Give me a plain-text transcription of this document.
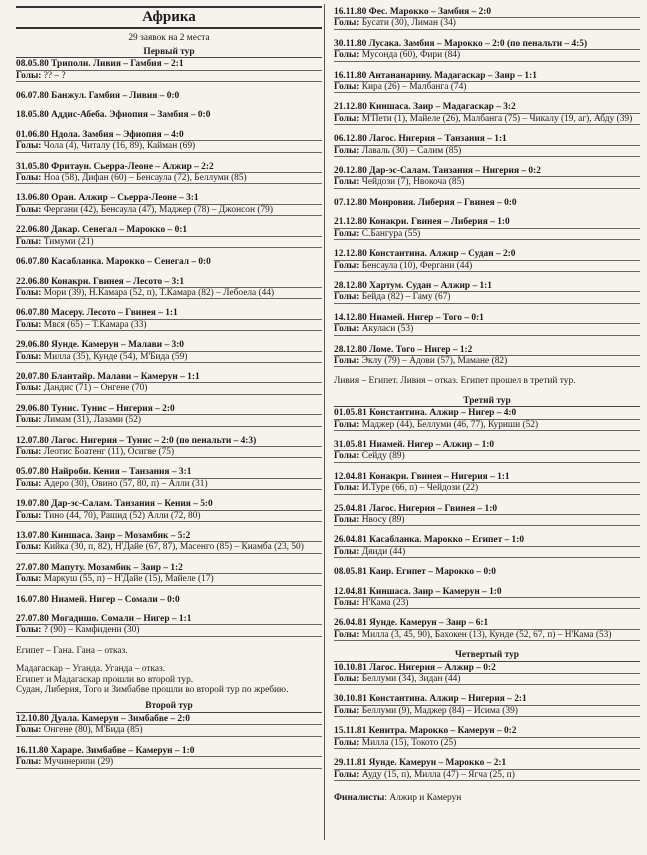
Африка
29 заявок на 2 места
Первый тур
08.05.80 Триполи. Ливия – Гамбия – 2:1
Голы: ?? – ?
06.07.80 Банжул. Гамбия – Ливия – 0:0
18.05.80 Аддис-Абеба. Эфиопия – Замбия – 0:0
01.06.80 Ндола. Замбия – Эфиопия – 4:0
Голы: Чола (4), Читалу (16, 89), Кайман (69)
31.05.80 Фритаун. Сьерра-Леоне – Алжир – 2:2
Голы: Ноа (58), Дифан (60) – Бенсаула (72), Беллуми (85)
13.06.80 Оран. Алжир – Сьерра-Леоне – 3:1
Голы: Фергани (42), Бенсаула (47), Маджер (78) – Джонсон (79)
22.06.80 Дакар. Сенегал – Марокко – 0:1
Голы: Тимуми (21)
06.07.80 Касабланка. Марокко – Сенегал – 0:0
22.06.80 Конакри. Гвинея – Лесото – 3:1
Голы: Мори (39), Н.Камара (52, п), Т.Камара (82) – Лебоела (44)
06.07.80 Масеру. Лесото – Гвинея – 1:1
Голы: Мвся (65) – Т.Камара (33)
29.06.80 Яунде. Камерун – Малави – 3:0
Голы: Милла (35), Кунде (54), М'Бида (59)
20.07.80 Блантайр. Малави – Камерун – 1:1
Голы: Дандис (71) – Онгене (70)
29.06.80 Тунис. Тунис – Нигерия – 2:0
Голы: Лимам (31), Лазами (52)
12.07.80 Лагос. Нигерия – Тунис – 2:0 (по пенальти – 4:3)
Голы: Леотис Боатенг (11), Осигве (75)
05.07.80 Найроби. Кения – Танзания – 3:1
Голы: Адеро (30), Овино (57, 80, п) – Алли (31)
19.07.80 Дар-эс-Салам. Танзания – Кения – 5:0
Голы: Тино (44, 70), Рашид (52) Алли (72, 80)
13.07.80 Киншаса. Заир – Мозамбик – 5:2
Голы: Кийка (30, п, 82), Н'Дайе (67, 87), Масенго (85) – Киамба (23, 50)
27.07.80 Мапуту. Мозамбик – Заир – 1:2
Голы: Маркуш (55, п) – Н'Дайе (15), Майеле (17)
16.07.80 Ниамей. Нигер – Сомали – 0:0
27.07.80 Могадишо. Сомали – Нигер – 1:1
Голы: ? (90) – Камфидени (30)
Египет – Гана. Гана – отказ.
Мадагаскар – Уганда. Уганда – отказ.
Египет и Мадагаскар прошли во второй тур.
Судан, Либерия, Того и Зимбабве прошли во второй тур по жребию.
Второй тур
12.10.80 Дуала. Камерун – Зимбабве – 2:0
Голы: Онгене (80), М'Бида (85)
16.11.80 Хараре. Зимбабве – Камерун – 1:0
Голы: Мучинерипи (29)
16.11.80 Фес. Марокко – Замбия – 2:0
Голы: Бусати (30), Лиман (34)
30.11.80 Лусака. Замбия – Марокко – 2:0 (по пенальти – 4:5)
Голы: Мусонда (60), Фири (84)
16.11.80 Антананариву. Мадагаскар – Заир – 1:1
Голы: Кира (26) – Малбанга (74)
21.12.80 Киншаса. Заир – Мадагаскар – 3:2
Голы: М'Пети (1), Майеле (26), Малбанга (75) – Чикалу (19, аг), Абду (39)
06.12.80 Лагос. Нигерия – Танзания – 1:1
Голы: Лаваль (30) – Салим (85)
20.12.80 Дар-эс-Салам. Танзания – Нигерия – 0:2
Голы: Чейдози (7), Нвокоча (85)
07.12.80 Монровия. Либерия – Гвинея – 0:0
21.12.80 Конакри. Гвинея – Либерия – 1:0
Голы: С.Бангура (55)
12.12.80 Константина. Алжир – Судан – 2:0
Голы: Бенсаула (10), Фергани (44)
28.12.80 Хартум. Судан – Алжир – 1:1
Голы: Бейда (82) – Гаму (67)
14.12.80 Ниамей. Нигер – Того – 0:1
Голы: Акуласи (53)
28.12.80 Ломе. Того – Нигер – 1:2
Голы: Эклу (79) – Адови (57), Мамане (82)
Ливия – Египет. Ливия – отказ. Египет прошел в третий тур.
Третий тур
01.05.81 Константина. Алжир – Нигер – 4:0
Голы: Маджер (44), Беллуми (46, 77), Куриши (52)
31.05.81 Ниамей. Нигер – Алжир – 1:0
Голы: Сейду (89)
12.04.81 Конакри. Гвинея – Нигерия – 1:1
Голы: И.Туре (66, п) – Чейдози (22)
25.04.81 Лагос. Нигерия – Гвинея – 1:0
Голы: Нвосу (89)
26.04.81 Касабланка. Марокко – Египет – 1:0
Голы: Дяиди (44)
08.05.81 Каир. Египет – Марокко – 0:0
12.04.81 Киншаса. Заир – Камерун – 1:0
Голы: Н'Кама (23)
26.04.81 Яунде. Камерун – Заир – 6:1
Голы: Милла (3, 45, 90), Бахокен (13), Кунде (52, 67, п) – Н'Кама (53)
Четвертый тур
10.10.81 Лагос. Нигерия – Алжир – 0:2
Голы: Беллуми (34), Зидан (44)
30.10.81 Константина. Алжир – Нигерия – 2:1
Голы: Беллуми (9), Маджер (84) – Исима (39)
15.11.81 Кенитра. Марокко – Камерун – 0:2
Голы: Милла (15), Токото (25)
29.11.81 Яунде. Камерун – Марокко – 2:1
Голы: Ауду (15, п), Милла (47) – Ягча (25, п)
Финалисты: Алжир и Камерун
